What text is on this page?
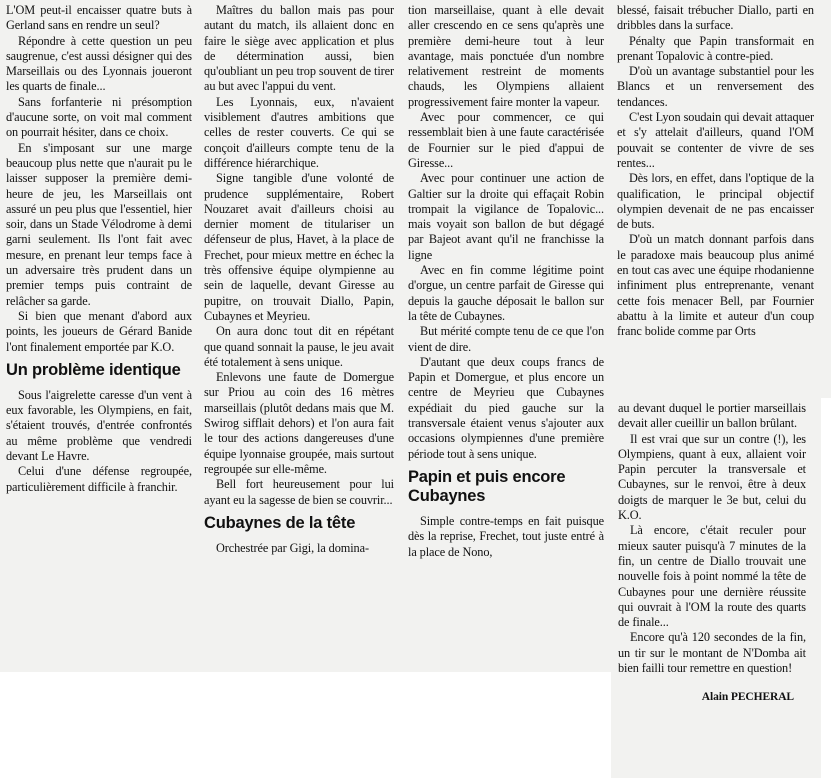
L'OM peut-il encaisser quatre buts à Gerland sans en rendre un seul?

Répondre à cette question un peu saugrenue, c'est aussi désigner qui des Marseillais ou des Lyonnais joueront les quarts de finale...

Sans forfanterie ni présomption d'aucune sorte, on voit mal comment on pourrait hésiter, dans ce choix.

En s'imposant sur une marge beaucoup plus nette que n'aurait pu le laisser supposer la première demi-heure de jeu, les Marseillais ont assuré un peu plus que l'essentiel, hier soir, dans un Stade Vélodrome à demi garni seulement. Ils l'ont fait avec mesure, en prenant leur temps face à un adversaire très prudent dans un premier temps puis contraint de relâcher sa garde.

Si bien que menant d'abord aux points, les joueurs de Gérard Banide l'ont finalement emportée par K.O.

Un problème identique

Sous l'aigrelette caresse d'un vent à eux favorable, les Olympiens, en fait, s'étaient trouvés, d'entrée confrontés au même problème que vendredi devant Le Havre.

Celui d'une défense regroupée, particulièrement difficile à franchir.

Maîtres du ballon mais pas pour autant du match, ils allaient donc en faire le siège avec application et plus de détermination aussi, bien qu'oubliant un peu trop souvent de tirer au but avec l'appui du vent.

Les Lyonnais, eux, n'avaient visiblement d'autres ambitions que celles de rester couverts. Ce qui se conçoit d'ailleurs compte tenu de la différence hiérarchique.

Signe tangible d'une volonté de prudence supplémentaire, Robert Nouzaret avait d'ailleurs choisi au dernier moment de titulariser un défenseur de plus, Havet, à la place de Frechet, pour mieux mettre en échec la très offensive équipe olympienne au sein de laquelle, devant Giresse au pupitre, on trouvait Diallo, Papin, Cubaynes et Meyrieu.

On aura donc tout dit en répétant que quand sonnait la pause, le jeu avait été totalement à sens unique.

Enlevons une faute de Domergue sur Priou au coin des 16 mètres marseillais (plutôt dedans mais que M. Swirog sifflait dehors) et l'on aura fait le tour des actions dangereuses d'une équipe lyonnaise groupée, mais surtout regroupée sur elle-même.

Bell fort heureusement pour lui ayant eu la sagesse de bien se couvrir...

Cubaynes de la tête

Orchestrée par Gigi, la domina-

tion marseillaise, quant à elle devait aller crescendo en ce sens qu'après une première demi-heure tout à leur avantage, mais ponctuée d'un nombre relativement restreint de moments chauds, les Olympiens allaient progressivement faire monter la vapeur.

Avec pour commencer, ce qui ressemblait bien à une faute caractérisée de Fournier sur le pied d'appui de Giresse...

Avec pour continuer une action de Galtier sur la droite qui effaçait Robin trompait la vigilance de Topalovic... mais voyait son ballon de but dégagé par Bajeot avant qu'il ne franchisse la ligne

Avec en fin comme légitime point d'orgue, un centre parfait de Giresse qui depuis la gauche déposait le ballon sur la tête de Cubaynes.

But mérité compte tenu de ce que l'on vient de dire.

D'autant que deux coups francs de Papin et Domergue, et plus encore un centre de Meyrieu que Cubaynes expédiait du pied gauche sur la transversale étaient venus s'ajouter aux occasions olympiennes d'une première période tout à sens unique.

Papin et puis encore Cubaynes

Simple contre-temps en fait puisque dès la reprise, Frechet, tout juste entré à la place de Nono,

blessé, faisait trébucher Diallo, parti en dribbles dans la surface.

Pénalty que Papin transformait en prenant Topalovic à contre-pied.

D'où un avantage substantiel pour les Blancs et un renversement des tendances.

C'est Lyon soudain qui devait attaquer et s'y attelait d'ailleurs, quand l'OM pouvait se contenter de vivre de ses rentes...

Dès lors, en effet, dans l'optique de la qualification, le principal objectif olympien devenait de ne pas encaisser de buts.

D'où un match donnant parfois dans le paradoxe mais beaucoup plus animé en tout cas avec une équipe rhodanienne infiniment plus entreprenante, venant cette fois menacer Bell, par Fournier abattu à la limite et auteur d'un coup franc bolide comme par Orts

au devant duquel le portier marseillais devait aller cueillir un ballon brûlant.

Il est vrai que sur un contre (!), les Olympiens, quant à eux, allaient voir Papin percuter la transversale et Cubaynes, sur le renvoi, être à deux doigts de marquer le 3e but, celui du K.O.

Là encore, c'était reculer pour mieux sauter puisqu'à 7 minutes de la fin, un centre de Diallo trouvait une nouvelle fois à point nommé la tête de Cubaynes pour une dernière réussite qui ouvrait à l'OM la route des quarts de finale...

Encore qu'à 120 secondes de la fin, un tir sur le montant de N'Domba ait bien failli tour remettre en question!

Alain PECHERAL
